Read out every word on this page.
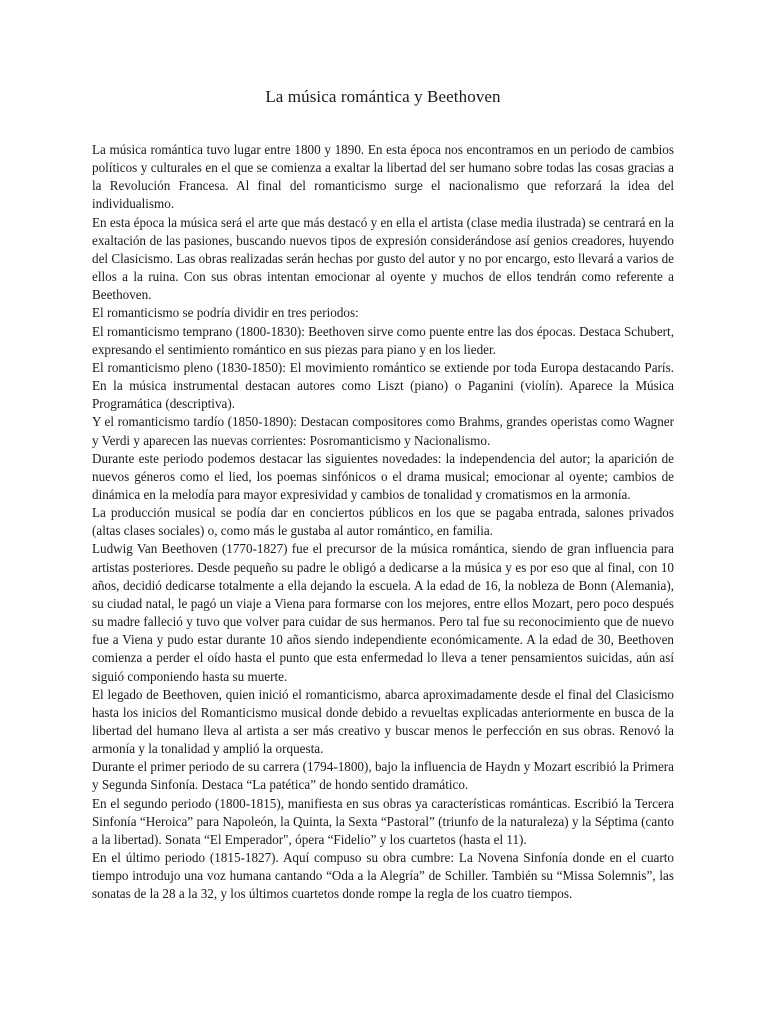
La música romántica y Beethoven

La música romántica tuvo lugar entre 1800 y 1890. En esta época nos encontramos en un periodo de cambios políticos y culturales en el que se comienza a exaltar la libertad del ser humano sobre todas las cosas gracias a la Revolución Francesa. Al final del romanticismo surge el nacionalismo que reforzará la idea del individualismo.

En esta época la música será el arte que más destacó y en ella el artista (clase media ilustrada) se centrará en la exaltación de las pasiones, buscando nuevos tipos de expresión considerándose así genios creadores, huyendo del Clasicismo. Las obras realizadas serán hechas por gusto del autor y no por encargo, esto llevará a varios de ellos a la ruina. Con sus obras intentan emocionar al oyente y muchos de ellos tendrán como referente a Beethoven.

El romanticismo se podría dividir en tres periodos:

El romanticismo temprano (1800-1830): Beethoven sirve como puente entre las dos épocas. Destaca Schubert, expresando el sentimiento romántico en sus piezas para piano y en los lieder.

El romanticismo pleno (1830-1850): El movimiento romántico se extiende por toda Europa destacando París. En la música instrumental destacan autores como Liszt (piano) o Paganini (violín). Aparece la Música Programática (descriptiva).

Y el romanticismo tardío (1850-1890): Destacan compositores como Brahms, grandes operistas como Wagner y Verdi y aparecen las nuevas corrientes: Posromanticismo y Nacionalismo.

Durante este periodo podemos destacar las siguientes novedades: la independencia del autor; la aparición de nuevos géneros como el lied, los poemas sinfónicos o el drama musical; emocionar al oyente; cambios de dinámica en la melodía para mayor expresividad y cambios de tonalidad y cromatismos en la armonía.

La producción musical se podía dar en conciertos públicos en los que se pagaba entrada, salones privados (altas clases sociales) o, como más le gustaba al autor romántico, en familia.

Ludwig Van Beethoven (1770-1827) fue el precursor de la música romántica, siendo de gran influencia para artistas posteriores. Desde pequeño su padre le obligó a dedicarse a la música y es por eso que al final, con 10 años, decidió dedicarse totalmente a ella dejando la escuela. A la edad de 16, la nobleza de Bonn (Alemania), su ciudad natal, le pagó un viaje a Viena para formarse con los mejores, entre ellos Mozart, pero poco después su madre falleció y tuvo que volver para cuidar de sus hermanos. Pero tal fue su reconocimiento que de nuevo fue a Viena y pudo estar durante 10 años siendo independiente económicamente. A la edad de 30, Beethoven comienza a perder el oído hasta el punto que esta enfermedad lo lleva a tener pensamientos suicidas, aún así siguió componiendo hasta su muerte.

El legado de Beethoven, quien inició el romanticismo, abarca aproximadamente desde el final del Clasicismo hasta los inicios del Romanticismo musical donde debido a revueltas explicadas anteriormente en busca de la libertad del humano lleva al artista a ser más creativo y buscar menos le perfección en sus obras. Renovó la armonía y la tonalidad y amplió la orquesta.

Durante el primer periodo de su carrera (1794-1800), bajo la influencia de Haydn y Mozart escribió la Primera y Segunda Sinfonía. Destaca “La patética” de hondo sentido dramático.

En el segundo periodo (1800-1815), manifiesta en sus obras ya características románticas. Escribió la Tercera Sinfonía “Heroica” para Napoleón, la Quinta, la Sexta “Pastoral” (triunfo de la naturaleza) y la Séptima (canto a la libertad). Sonata “El Emperador", ópera “Fidelio” y los cuartetos (hasta el 11).

En el último periodo (1815-1827). Aquí compuso su obra cumbre: La Novena Sinfonía donde en el cuarto tiempo introdujo una voz humana cantando “Oda a la Alegría” de Schiller. También su “Missa Solemnis”, las sonatas de la 28 a la 32, y los últimos cuartetos donde rompe la regla de los cuatro tiempos.
